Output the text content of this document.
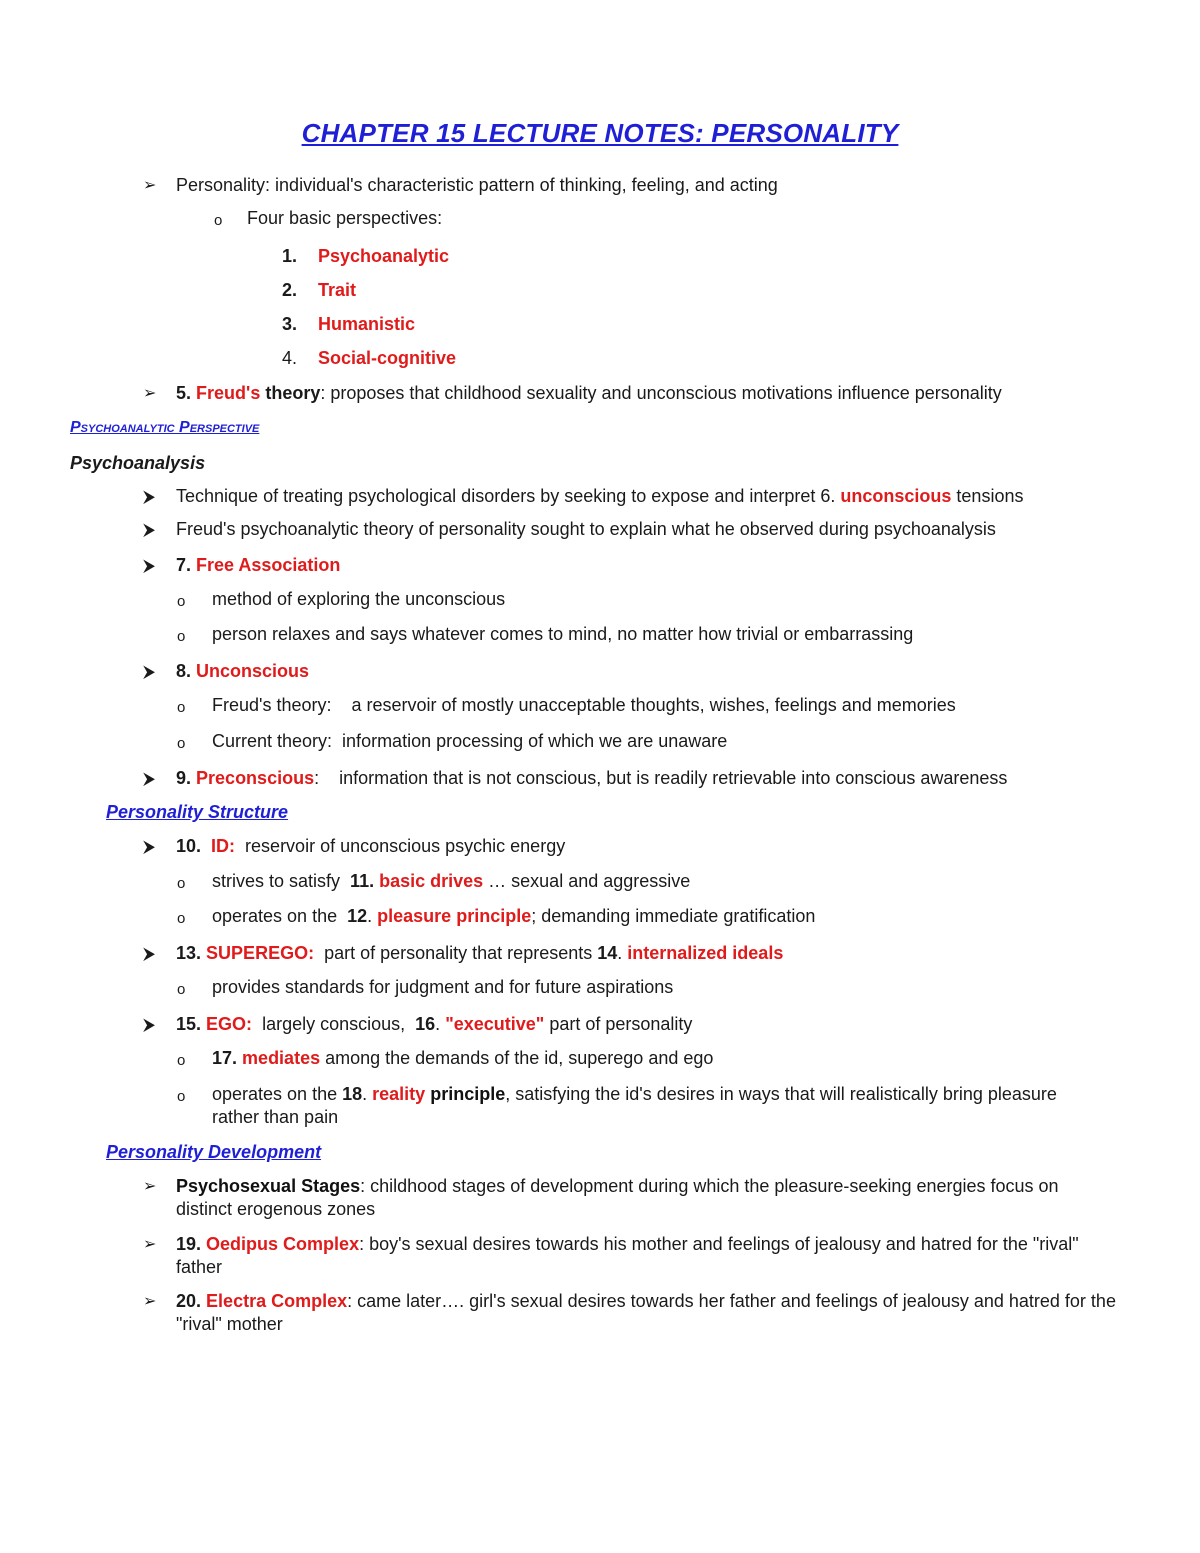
CHAPTER 15 LECTURE NOTES: PERSONALITY
➢	Personality: individual's characteristic pattern of thinking, feeling, and acting
o Four basic perspectives:
1. Psychoanalytic
2. Trait
3. Humanistic
4. Social-cognitive
➢	5. Freud's theory: proposes that childhood sexuality and unconscious motivations influence personality
Psychoanalytic Perspective
Psychoanalysis
⮞	Technique of treating psychological disorders by seeking to expose and interpret 6. unconscious tensions
⮞	Freud's psychoanalytic theory of personality sought to explain what he observed during psychoanalysis
⮞	7. Free Association
o method of exploring the unconscious
o person relaxes and says whatever comes to mind, no matter how trivial or embarrassing
⮞	8. Unconscious
o Freud's theory:    a reservoir of mostly unacceptable thoughts, wishes, feelings and memories
o Current theory:  information processing of which we are unaware
⮞	9. Preconscious:    information that is not conscious, but is readily retrievable into conscious awareness
Personality Structure
⮞	10. ID:  reservoir of unconscious psychic energy
o strives to satisfy  11. basic drives … sexual and aggressive
o operates on the  12. pleasure principle; demanding immediate gratification
⮞	13. SUPEREGO:  part of personality that represents 14. internalized ideals
o provides standards for judgment and for future aspirations
⮞	15. EGO:  largely conscious,  16. "executive" part of personality
o 17. mediates among the demands of the id, superego and ego
o operates on the 18. reality principle, satisfying the id's desires in ways that will realistically bring pleasure rather than pain
Personality Development
➢	Psychosexual Stages: childhood stages of development during which the pleasure-seeking energies focus on distinct erogenous zones
➢	19. Oedipus Complex: boy's sexual desires towards his mother and feelings of jealousy and hatred for the "rival" father
➢	20. Electra Complex: came later…. girl's sexual desires towards her father and feelings of jealousy and hatred for the "rival" mother
